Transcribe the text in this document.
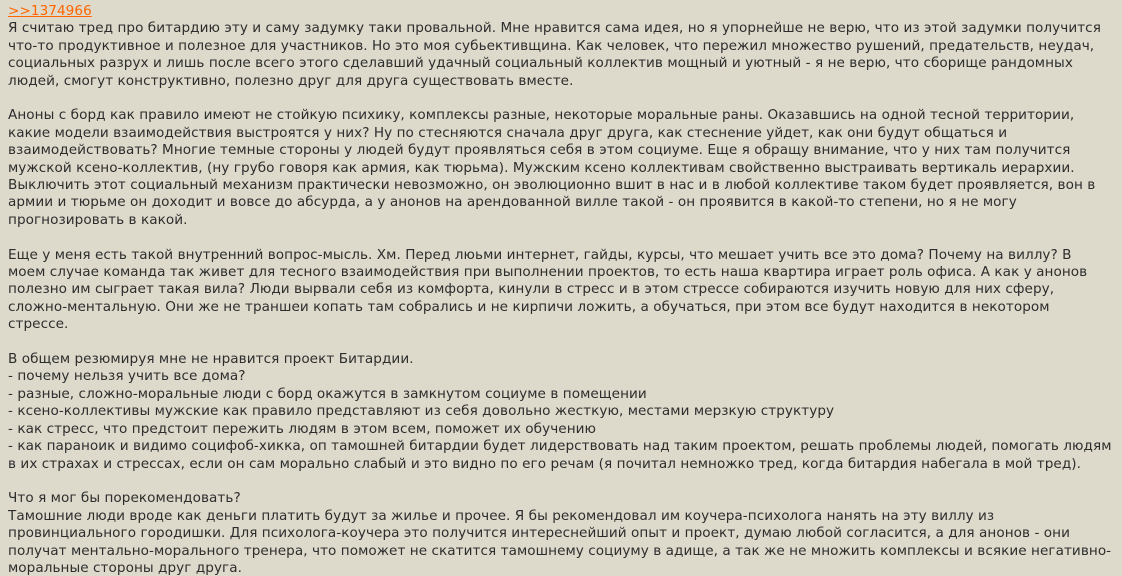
>>1374966
Я считаю тред про битардию эту и саму задумку таки провальной. Мне нравится сама идея, но я упорнейше не верю, что из этой задумки получится
что-то продуктивное и полезное для участников. Но это моя субьективщина. Как человек, что пережил множество рушений, предательств, неудач,
социальных разрух и лишь после всего этого сделавший удачный социальный коллектив мощный и уютный - я не верю, что сборище рандомных
людей, смогут конструктивно, полезно друг для друга существовать вместе.
Аноны с борд как правило имеют не стойкую психику, комплексы разные, некоторые моральные раны. Оказавшись на одной тесной территории,
какие модели взаимодействия выстроятся у них? Ну по стесняются сначала друг друга, как стеснение уйдет, как они будут общаться и
взаимодействовать? Многие темные стороны у людей будут проявляться себя в этом социуме. Еще я обращу внимание, что у них там получится
мужской ксено-коллектив, (ну грубо говоря как армия, как тюрьма). Мужским ксено коллективам свойственно выстраивать вертикаль иерархии.
Выключить этот социальный механизм практически невозможно, он эволюционно вшит в нас и в любой коллективе таком будет проявляется, вон в
армии и тюрьме он доходит и вовсе до абсурда, а у анонов на арендованной вилле такой - он проявится в какой-то степени, но я не могу
прогнозировать в какой.
Еще у меня есть такой внутренний вопрос-мысль. Хм. Перед люьми интернет, гайды, курсы, что мешает учить все это дома? Почему на виллу? В
моем случае команда так живет для тесного взаимодействия при выполнении проектов, то есть наша квартира играет роль офиса. А как у анонов
полезно им сыграет такая вила? Люди вырвали себя из комфорта, кинули в стресс и в этом стрессе собираются изучить новую для них сферу,
сложно-ментальную. Они же не траншеи копать там собрались и не кирпичи ложить, а обучаться, при этом все будут находится в некотором
стрессе.
В общем резюмируя мне не нравится проект Битардии.
- почему нельзя учить все дома?
- разные, сложно-моральные люди с борд окажутся в замкнутом социуме в помещении
- ксено-коллективы мужские как правило представляют из себя довольно жесткую, местами мерзкую структуру
- как стресс, что предстоит пережить людям в этом всем, поможет их обучению
- как параноик и видимо социфоб-хикка, оп тамошней битардии будет лидерствовать над таким проектом, решать проблемы людей, помогать людям
в их страхах и стрессах, если он сам морально слабый и это видно по его речам (я почитал немножко тред, когда битардия набегала в мой тред).
Что я мог бы порекомендовать?
Тамошние люди вроде как деньги платить будут за жилье и прочее. Я бы рекомендовал им коучера-психолога нанять на эту виллу из
провинциального городишки. Для психолога-коучера это получится интереснейший опыт и проект, думаю любой согласится, а для анонов - они
получат ментально-морального тренера, что поможет не скатится тамошнему социуму в адище, а так же не множить комплексы и всякие негативно-
моральные стороны друг друга.
